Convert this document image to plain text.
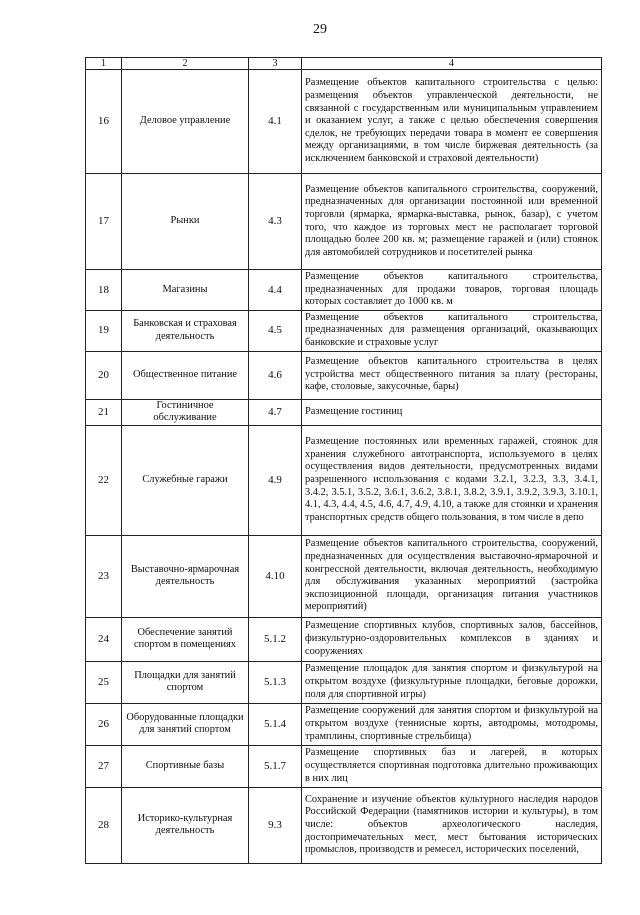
29
1	2	3	4
16	Деловое управление	4.1	Размещение объектов капитального строительства с целью: размещения объектов управленческой деятельности, не связанной с государственным или муниципальным управлением и оказанием услуг, а также с целью обеспечения совершения сделок, не требующих передачи товара в момент ее совершения между организациями, в том числе биржевая деятельность (за исключением банковской и страховой деятельности)
17	Рынки	4.3	Размещение объектов капитального строительства, сооружений, предназначенных для организации постоянной или временной торговли (ярмарка, ярмарка-выставка, рынок, базар), с учетом того, что каждое из торговых мест не располагает торговой площадью более 200 кв. м; размещение гаражей и (или) стоянок для автомобилей сотрудников и посетителей рынка
18	Магазины	4.4	Размещение объектов капитального строительства, предназначенных для продажи товаров, торговая площадь которых составляет до 1000 кв. м
19	Банковская и страховая деятельность	4.5	Размещение объектов капитального строительства, предназначенных для размещения организаций, оказывающих банковские и страховые услуг
20	Общественное питание	4.6	Размещение объектов капитального строительства в целях устройства мест общественного питания за плату (рестораны, кафе, столовые, закусочные, бары)
21	Гостиничное обслуживание	4.7	Размещение гостиниц
22	Служебные гаражи	4.9	Размещение постоянных или временных гаражей, стоянок для хранения служебного автотранспорта, используемого в целях осуществления видов деятельности, предусмотренных видами разрешенного использования с кодами 3.2.1, 3.2.3, 3.3, 3.4.1, 3.4.2, 3.5.1, 3.5.2, 3.6.1, 3.6.2, 3.8.1, 3.8.2, 3.9.1, 3.9.2, 3.9.3, 3.10.1, 4.1, 4.3, 4.4, 4.5, 4.6, 4.7, 4.9, 4.10, а также для стоянки и хранения транспортных средств общего пользования, в том числе в депо
23	Выставочно-ярмарочная деятельность	4.10	Размещение объектов капитального строительства, сооружений, предназначенных для осуществления выставочно-ярмарочной и конгрессной деятельности, включая деятельность, необходимую для обслуживания указанных мероприятий (застройка экспозиционной площади, организация питания участников мероприятий)
24	Обеспечение занятий спортом в помещениях	5.1.2	Размещение спортивных клубов, спортивных залов, бассейнов, физкультурно-оздоровительных комплексов в зданиях и сооружениях
25	Площадки для занятий спортом	5.1.3	Размещение площадок для занятия спортом и физкультурой на открытом воздухе (физкультурные площадки, беговые дорожки, поля для спортивной игры)
26	Оборудованные площадки для занятий спортом	5.1.4	Размещение сооружений для занятия спортом и физкультурой на открытом воздухе (теннисные корты, автодромы, мотодромы, трамплины, спортивные стрельбища)
27	Спортивные базы	5.1.7	Размещение спортивных баз и лагерей, в которых осуществляется спортивная подготовка длительно проживающих в них лиц
28	Историко-культурная деятельность	9.3	Сохранение и изучение объектов культурного наследия народов Российской Федерации (памятников истории и культуры), в том числе: объектов археологического наследия, достопримечательных мест, мест бытования исторических промыслов, производств и ремесел, исторических поселений,
